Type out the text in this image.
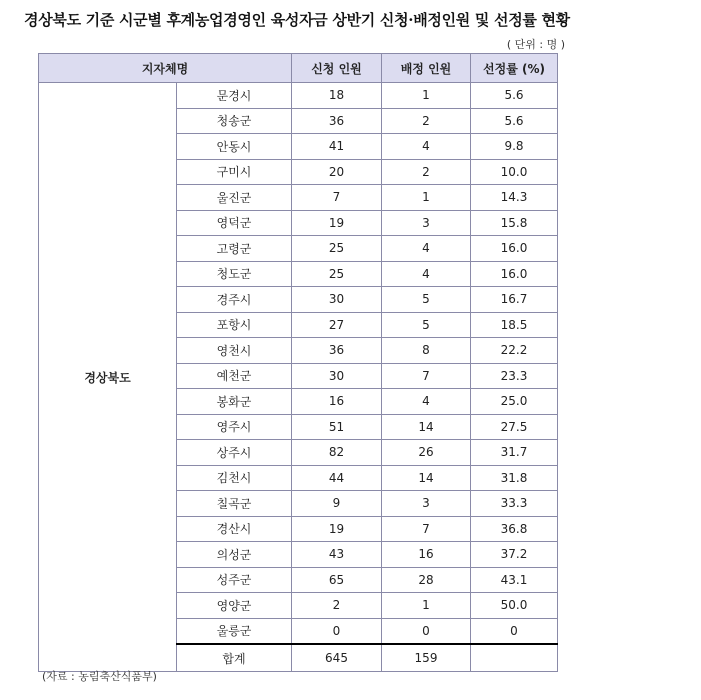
경상북도 기준 시군별 후계농업경영인 육성자금 상반기 신청·배정인원 및 선정률 현황
( 단위 : 명 )
지자체명		신청 인원	배정 인원	선정률 (%)
경상북도	문경시	18	1	5.6
	청송군	36	2	5.6
	안동시	41	4	9.8
	구미시	20	2	10.0
	울진군	7	1	14.3
	영덕군	19	3	15.8
	고령군	25	4	16.0
	청도군	25	4	16.0
	경주시	30	5	16.7
	포항시	27	5	18.5
	영천시	36	8	22.2
	예천군	30	7	23.3
	봉화군	16	4	25.0
	영주시	51	14	27.5
	상주시	82	26	31.7
	김천시	44	14	31.8
	칠곡군	9	3	33.3
	경산시	19	7	36.8
	의성군	43	16	37.2
	성주군	65	28	43.1
	영양군	2	1	50.0
	울릉군	0	0	0
	합계	645	159	
(자료 : 농림축산식품부)
